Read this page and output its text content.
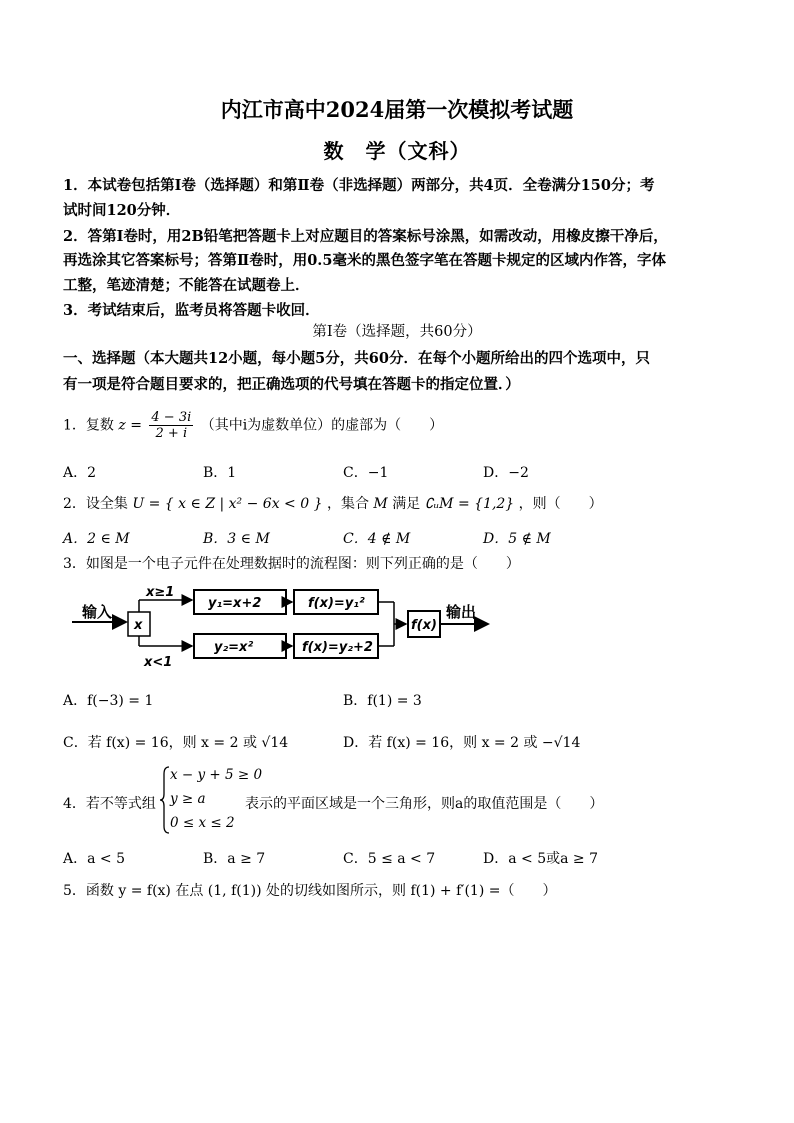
内江市高中2024届第一次模拟考试题
数　学（文科）
1．本试卷包括第Ⅰ卷（选择题）和第Ⅱ卷（非选择题）两部分，共4页．全卷满分150分；考
试时间120分钟．
2．答第Ⅰ卷时，用2B铅笔把答题卡上对应题目的答案标号涂黑，如需改动，用橡皮擦干净后，
再选涂其它答案标号；答第Ⅱ卷时，用0.5毫米的黑色签字笔在答题卡规定的区域内作答，字体
工整，笔迹清楚；不能答在试题卷上．
3．考试结束后，监考员将答题卡收回．
第Ⅰ卷（选择题，共60分）
一、选择题（本大题共12小题，每小题5分，共60分．在每个小题所给出的四个选项中，只
有一项是符合题目要求的，把正确选项的代号填在答题卡的指定位置．）
1．复数 $z = \frac{4 - 3i}{2 + i}$ （其中i为虚数单位）的虚部为（　　）
A．2	B．1	C．−1	D．−2
2．设全集 U = { x ∈ Z | x² − 6x < 0 } ，集合 M 满足 ∁ᵤM = {1,2} ，则（　　）
A．2 ∈ M	B．3 ∈ M	C．4 ∉ M	D．5 ∉ M
3．如图是一个电子元件在处理数据时的流程图：则下列正确的是（　　）
输入
x
x≥1
x<1
y₁=x+2
y₂=x²
f(x)=y₁²
f(x)=y₂+2
f(x)
输出
A．f(−3) = 1	B．f(1) = 3
C．若 f(x) = 16，则 x = 2 或 √14	D．若 f(x) = 16，则 x = 2 或 −√14
4．若不等式组
x − y + 5 ≥ 0
y ≥ a
0 ≤ x ≤ 2
表示的平面区域是一个三角形，则a的取值范围是（　　）
A．a < 5	B．a ≥ 7	C．5 ≤ a < 7	D．a < 5或a ≥ 7
5．函数 y = f(x) 在点 (1, f(1)) 处的切线如图所示，则 f(1) + f′(1) =（　　）
